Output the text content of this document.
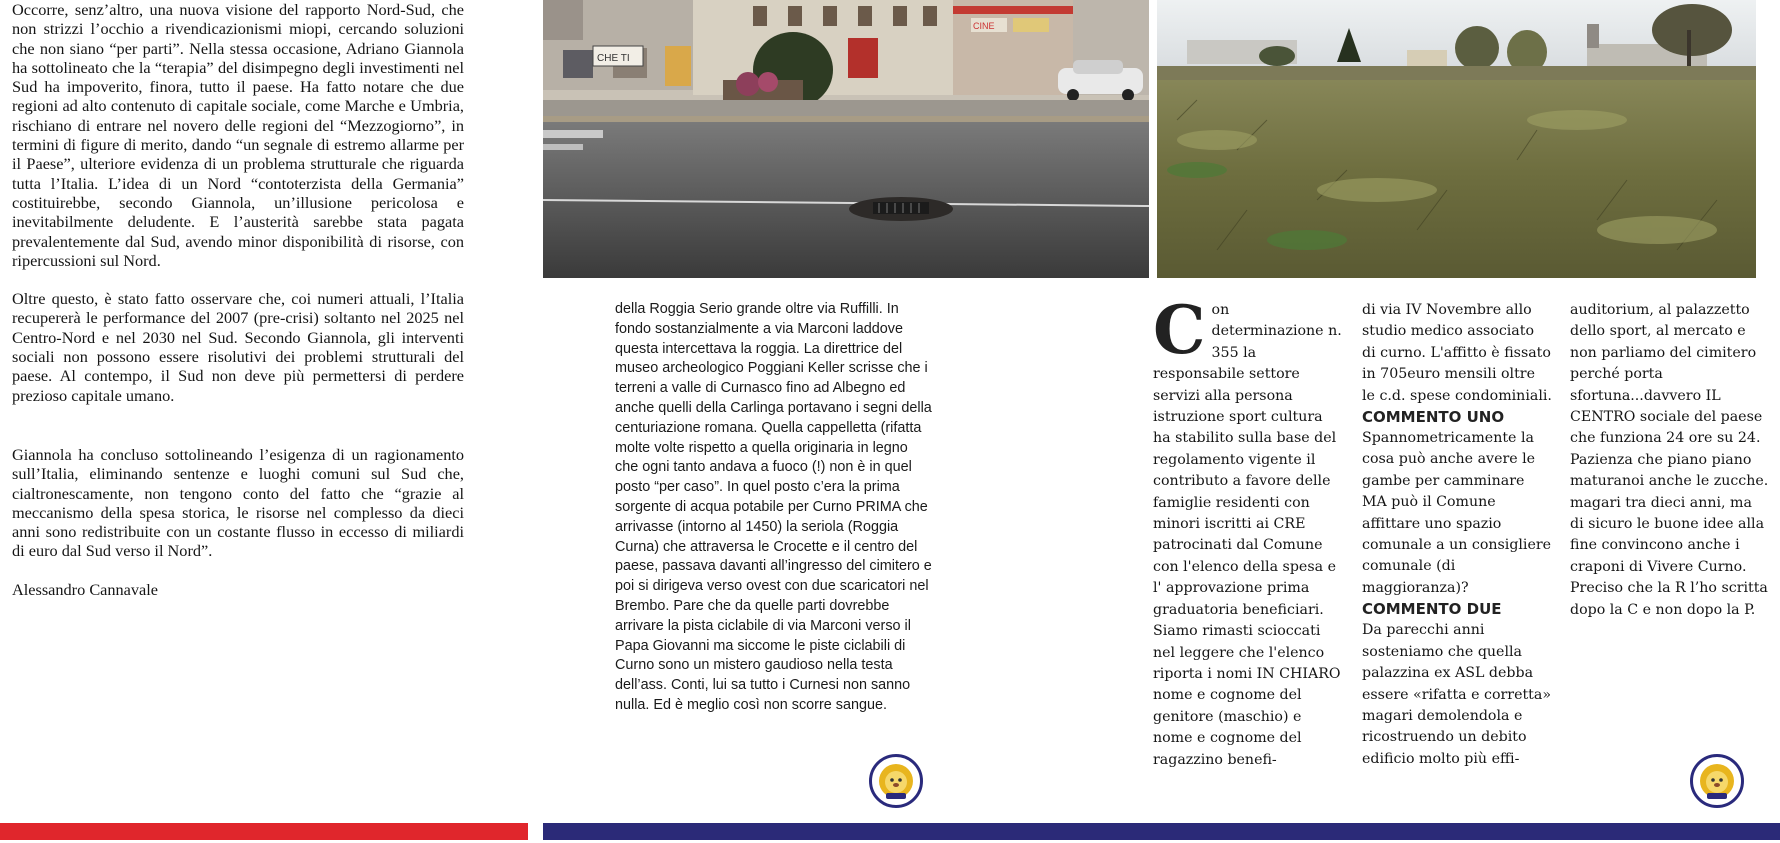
Occorre, senz’altro, una nuova visione del rapporto Nord-Sud, che non strizzi l’occhio a rivendicazionismi miopi, cercando soluzioni che non siano “per parti”. Nella stessa occasione, Adriano Giannola ha sottolineato che la “terapia” del disimpegno degli investimenti nel Sud ha impoverito, finora, tutto il paese. Ha fatto notare che due regioni ad alto contenuto di capitale sociale, come Marche e Umbria, rischiano di entrare nel novero delle regioni del “Mezzogiorno”, in termini di figure di merito, dando “un segnale di estremo allarme per il Paese”, ulteriore evidenza di un problema strutturale che riguarda tutta l’Italia. L’idea di un Nord “contoterzista della Germania” costituirebbe, secondo Giannola, un’illusione pericolosa e inevitabilmente deludente. E l’austerità sarebbe stata pagata prevalentemente dal Sud, avendo minor disponibilità di risorse, con ripercussioni sul Nord.

Oltre questo, è stato fatto osservare che, coi numeri attuali, l’Italia recupererà le performance del 2007 (pre-crisi) soltanto nel 2025 nel Centro-Nord e nel 2030 nel Sud. Secondo Giannola, gli interventi sociali non possono essere risolutivi dei problemi strutturali del paese. Al contempo, il Sud non deve più permettersi di perdere prezioso capitale umano.

Giannola ha concluso sottolineando l’esigenza di un ragionamento sull’Italia, eliminando sentenze e luoghi comuni sul Sud che, cialtronescamente, non tengono conto del fatto che “grazie al meccanismo della spesa storica, le risorse nel complesso da dieci anni sono redistribuite con un costante flusso in eccesso di miliardi di euro dal Sud verso il Nord”.

Alessandro Cannavale

CHE TI
CINE

della Roggia Serio grande oltre via Ruffilli. In fondo sostanzialmente a via Marconi laddove questa intercettava la roggia. La direttrice del museo archeologico Poggiani Keller scrisse che i terreni a valle di Curnasco fino ad Albegno ed anche quelli della Carlinga portavano i segni della centuriazione romana. Quella cappelletta (rifatta molte volte rispetto a quella originaria in legno che ogni tanto andava a fuoco (!) non è in quel posto “per caso”. In quel posto c’era la prima sorgente di acqua potabile per Curno PRIMA che arrivasse (intorno al 1450) la seriola (Roggia Curna) che attraversa le Crocette e il centro del paese, passava davanti all’ingresso del cimitero e poi si dirigeva verso ovest con due scaricatori nel Brembo. Pare che da quelle parti dovrebbe arrivare la pista ciclabile di via Marconi verso il Papa Giovanni ma siccome le piste ciclabili di Curno sono un mistero gaudioso nella testa dell’ass. Conti, lui sa tutto i Curnesi non sanno nulla. Ed è meglio così non scorre sangue.

C on determinazione n. 355 la responsabile settore servizi alla persona istruzione sport cultura ha stabilito sulla base del regolamento vigente il contributo a favore delle famiglie residenti con minori iscritti ai CRE patrocinati dal Comune con l'elenco della spesa e l' approvazione prima graduatoria beneficiari.

Siamo rimasti scioccati nel leggere che l'elenco riporta i nomi IN CHIARO nome e cognome del genitore (maschio) e nome e cognome del ragazzino benefi-

di via IV Novembre allo studio medico associato di curno. L'affitto è fissato in 705euro mensili oltre le c.d. spese condominiali.

COMMENTO UNO

Spannometricamente la cosa può anche avere le gambe per camminare MA può il Comune affittare uno spazio comunale a un consigliere comunale (di maggioranza)?

COMMENTO DUE

Da parecchi anni sosteniamo che quella palazzina ex ASL debba essere «rifatta e corretta» magari demolendola e ricostruendo un debito edificio molto più effi-

auditorium, al palazzetto dello sport, al mercato e non parliamo del cimitero perché porta sfortuna...davvero IL CENTRO sociale del paese che funziona 24 ore su 24. Pazienza che piano piano maturanoi anche le zucche. magari tra dieci anni, ma di sicuro le buone idee alla fine convincono anche i craponi di Vivere Curno. Preciso che la R l’ho scritta dopo la C e non dopo la P.
